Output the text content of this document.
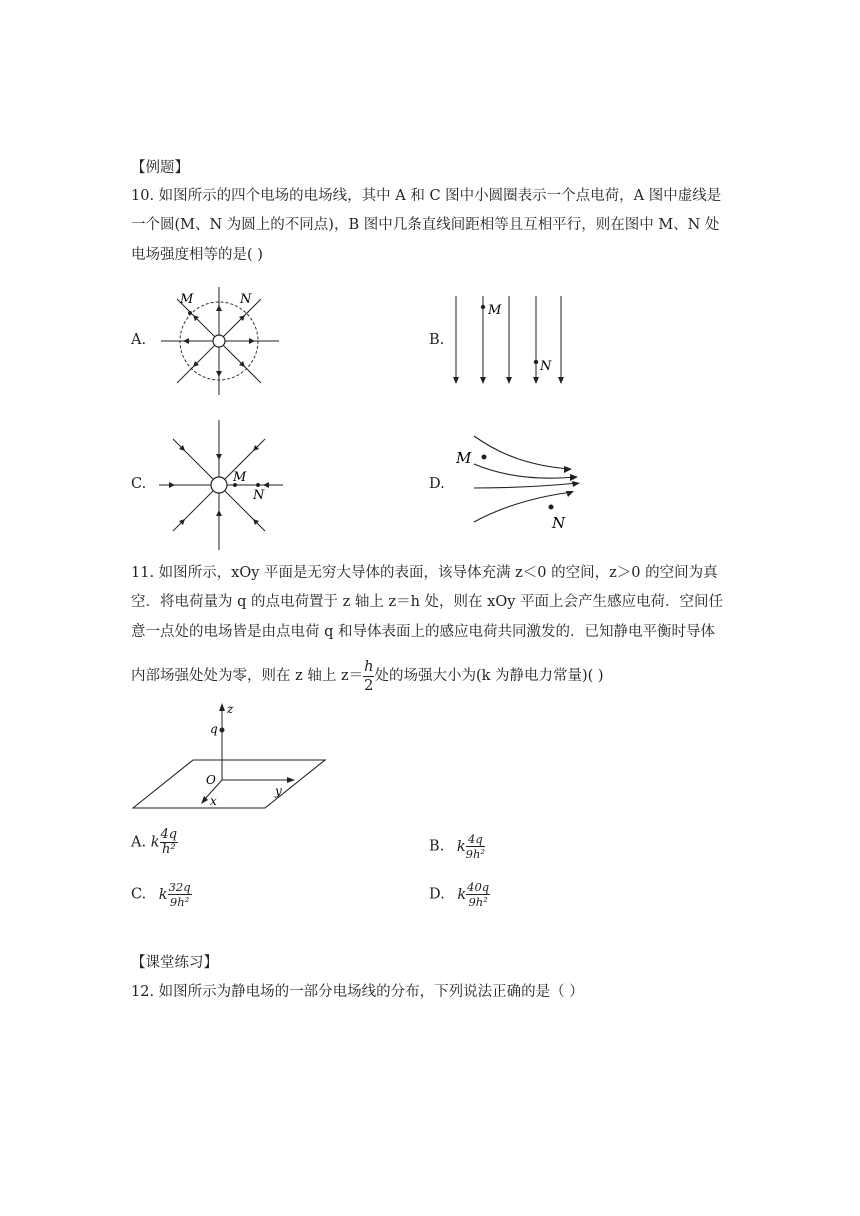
【例题】
10. 如图所示的四个电场的电场线，其中 A 和 C 图中小圆圈表示一个点电荷，A 图中虚线是
一个圆(M、N 为圆上的不同点)，B 图中几条直线间距相等且互相平行，则在图中 M、N 处
电场强度相等的是( )
A.	B.
C.	D.
M	N
M
N
M
N
M
N
11. 如图所示，xOy 平面是无穷大导体的表面，该导体充满 z＜0 的空间，z＞0 的空间为真
空．将电荷量为 q 的点电荷置于 z 轴上 z＝h 处，则在 xOy 平面上会产生感应电荷．空间任
意一点处的电场皆是由点电荷 q 和导体表面上的感应电荷共同激发的．已知静电平衡时导体
内部场强处处为零，则在 z 轴上 $z= \frac{h}{2}$ 处的场强大小为(k 为静电力常量)( )
z
q
O
x
y
A. k $\frac{4q}{\text{h²}}$	B. k $\frac{4q}{\text{9h²}}$
C. k $\frac{32q}{\text{9h²}}$	D. k $\frac{40q}{\text{9h²}}$
【课堂练习】
12. 如图所示为静电场的一部分电场线的分布，下列说法正确的是（ ）
